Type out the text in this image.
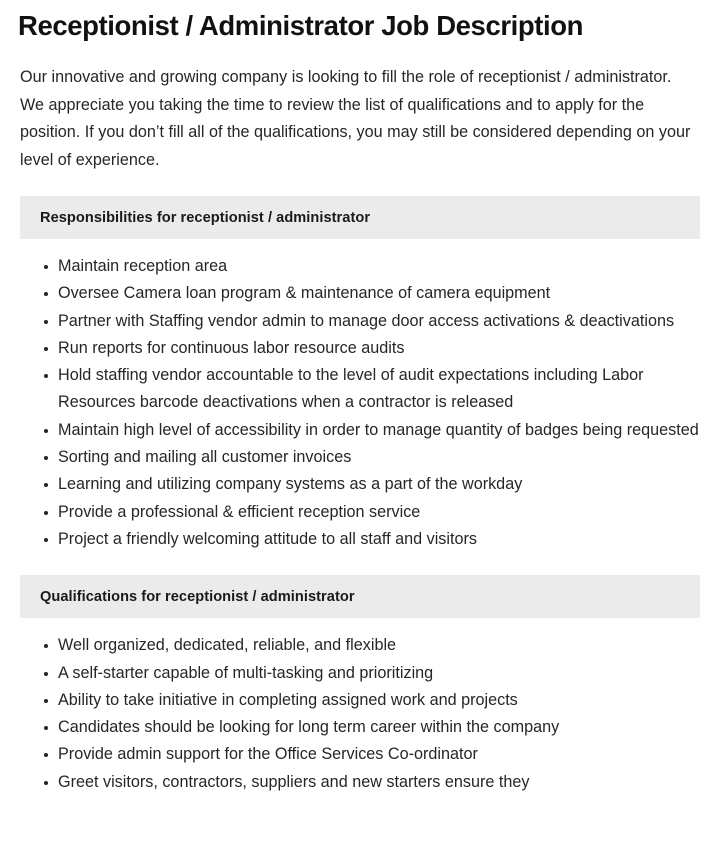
Receptionist / Administrator Job Description

Our innovative and growing company is looking to fill the role of receptionist / administrator. We appreciate you taking the time to review the list of qualifications and to apply for the position. If you don’t fill all of the qualifications, you may still be considered depending on your level of experience.

Responsibilities for receptionist / administrator
Maintain reception area
Oversee Camera loan program & maintenance of camera equipment
Partner with Staffing vendor admin to manage door access activations & deactivations
Run reports for continuous labor resource audits
Hold staffing vendor accountable to the level of audit expectations including Labor Resources barcode deactivations when a contractor is released
Maintain high level of accessibility in order to manage quantity of badges being requested
Sorting and mailing all customer invoices
Learning and utilizing company systems as a part of the workday
Provide a professional & efficient reception service
Project a friendly welcoming attitude to all staff and visitors
Qualifications for receptionist / administrator
Well organized, dedicated, reliable, and flexible
A self-starter capable of multi-tasking and prioritizing
Ability to take initiative in completing assigned work and projects
Candidates should be looking for long term career within the company
Provide admin support for the Office Services Co-ordinator
Greet visitors, contractors, suppliers and new starters ensure they
